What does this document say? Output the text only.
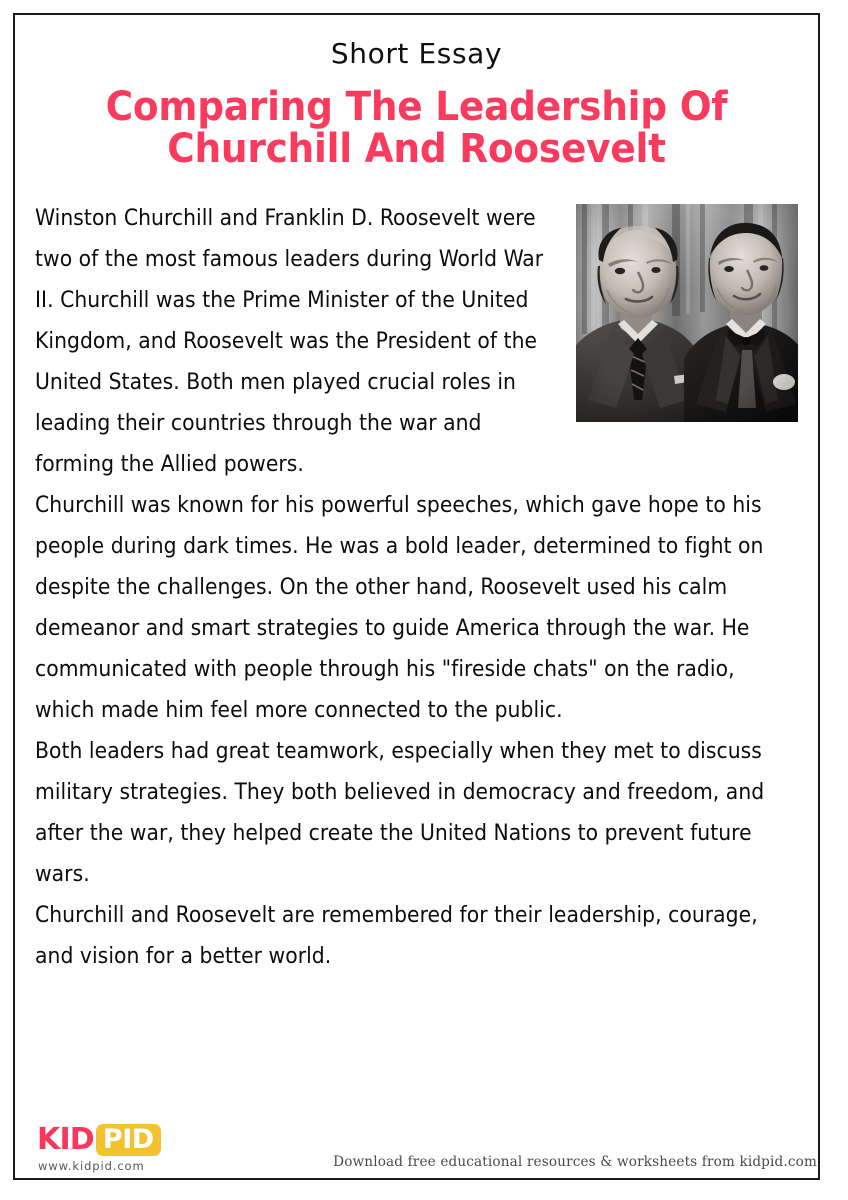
Short Essay
Comparing The Leadership Of
Churchill And Roosevelt

Winston Churchill and Franklin D. Roosevelt were two of the most famous leaders during World War II. Churchill was the Prime Minister of the United Kingdom, and Roosevelt was the President of the United States. Both men played crucial roles in leading their countries through the war and forming the Allied powers.

Churchill was known for his powerful speeches, which gave hope to his people during dark times. He was a bold leader, determined to fight on despite the challenges. On the other hand, Roosevelt used his calm demeanor and smart strategies to guide America through the war. He communicated with people through his "fireside chats" on the radio, which made him feel more connected to the public.

Both leaders had great teamwork, especially when they met to discuss military strategies. They both believed in democracy and freedom, and after the war, they helped create the United Nations to prevent future wars.

Churchill and Roosevelt are remembered for their leadership, courage, and vision for a better world.

KID PID
www.kidpid.com	Download free educational resources & worksheets from kidpid.com
